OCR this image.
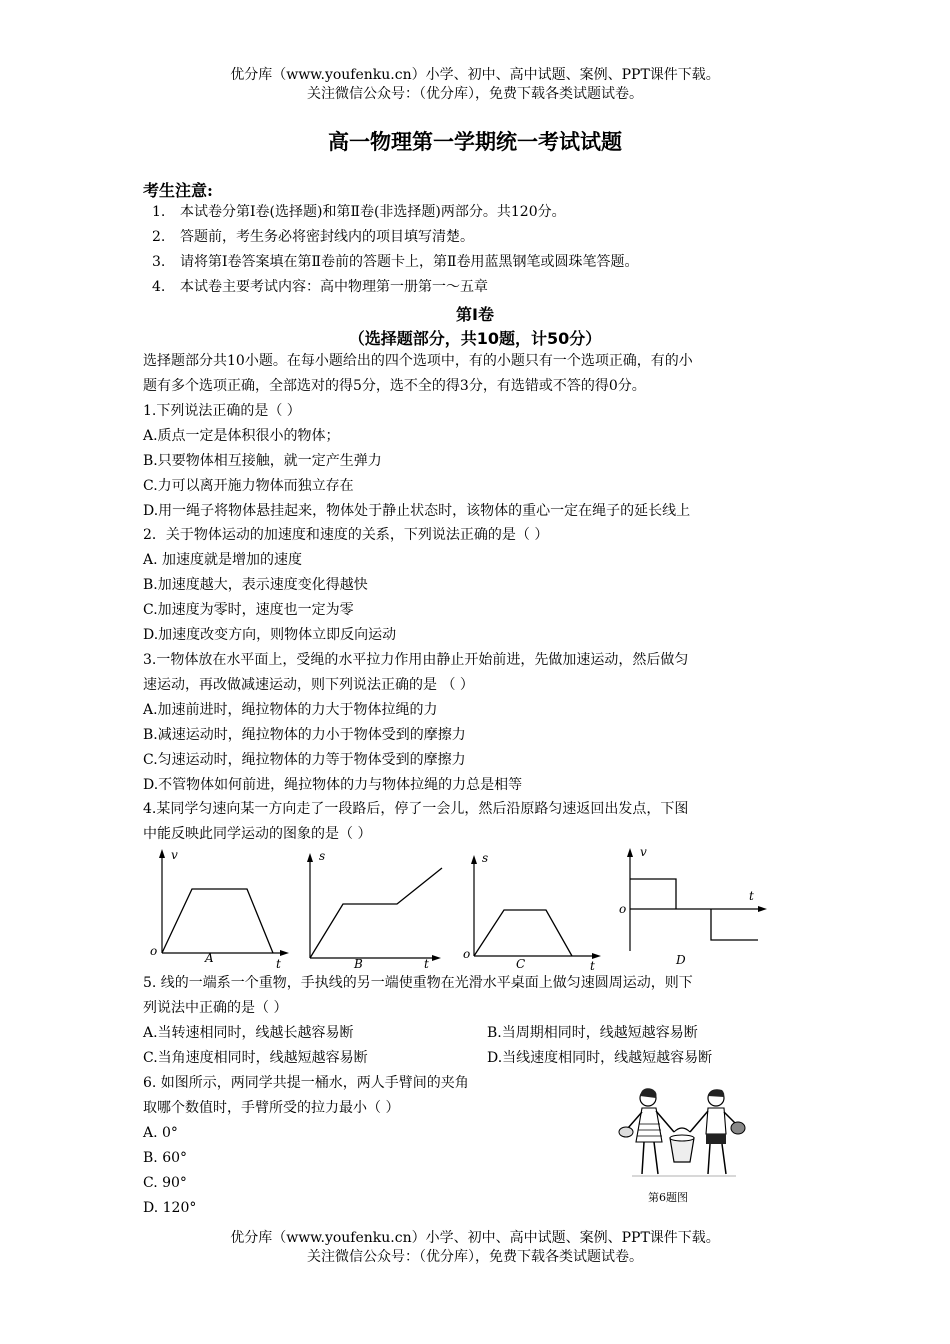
优分库（www.youfenku.cn）小学、初中、高中试题、案例、PPT课件下载。
关注微信公众号：（优分库），免费下载各类试题试卷。
高一物理第一学期统一考试试题
考生注意:
1. 本试卷分第Ⅰ卷(选择题)和第Ⅱ卷(非选择题)两部分。共120分。
2. 答题前，考生务必将密封线内的项目填写清楚。
3. 请将第Ⅰ卷答案填在第Ⅱ卷前的答题卡上，第Ⅱ卷用蓝黑钢笔或圆珠笔答题。
4. 本试卷主要考试内容：高中物理第一册第一～五章
第I卷
（选择题部分，共10题，计50分）
选择题部分共10小题。在每小题给出的四个选项中，有的小题只有一个选项正确，有的小
题有多个选项正确，全部选对的得5分，选不全的得3分，有选错或不答的得0分。
1.下列说法正确的是（ ）
A.质点一定是体积很小的物体；
B.只要物体相互接触，就一定产生弹力
C.力可以离开施力物体而独立存在
D.用一绳子将物体悬挂起来，物体处于静止状态时，该物体的重心一定在绳子的延长线上
2．关于物体运动的加速度和速度的关系，下列说法正确的是（ ）
A. 加速度就是增加的速度
B.加速度越大，表示速度变化得越快
C.加速度为零时，速度也一定为零
D.加速度改变方向，则物体立即反向运动
3.一物体放在水平面上，受绳的水平拉力作用由静止开始前进，先做加速运动，然后做匀
速运动，再改做减速运动，则下列说法正确的是 （ ）
A.加速前进时，绳拉物体的力大于物体拉绳的力
B.减速运动时，绳拉物体的力小于物体受到的摩擦力
C.匀速运动时，绳拉物体的力等于物体受到的摩擦力
D.不管物体如何前进，绳拉物体的力与物体拉绳的力总是相等
4.某同学匀速向某一方向走了一段路后，停了一会儿，然后沿原路匀速返回出发点，下图
中能反映此同学运动的图象的是（ ）
v
o
t
A
s
t
B
s
o
t
C
v
o
t
D
5. 线的一端系一个重物，手执线的另一端使重物在光滑水平桌面上做匀速圆周运动，则下
列说法中正确的是（ ）
A.当转速相同时，线越长越容易断	B.当周期相同时，线越短越容易断
C.当角速度相同时，线越短越容易断	D.当线速度相同时，线越短越容易断
6. 如图所示，两同学共提一桶水，两人手臂间的夹角
取哪个数值时，手臂所受的拉力最小（ ）
A. 0°
B. 60°
C. 90°
D. 120°
第6题图
优分库（www.youfenku.cn）小学、初中、高中试题、案例、PPT课件下载。
关注微信公众号：（优分库），免费下载各类试题试卷。
